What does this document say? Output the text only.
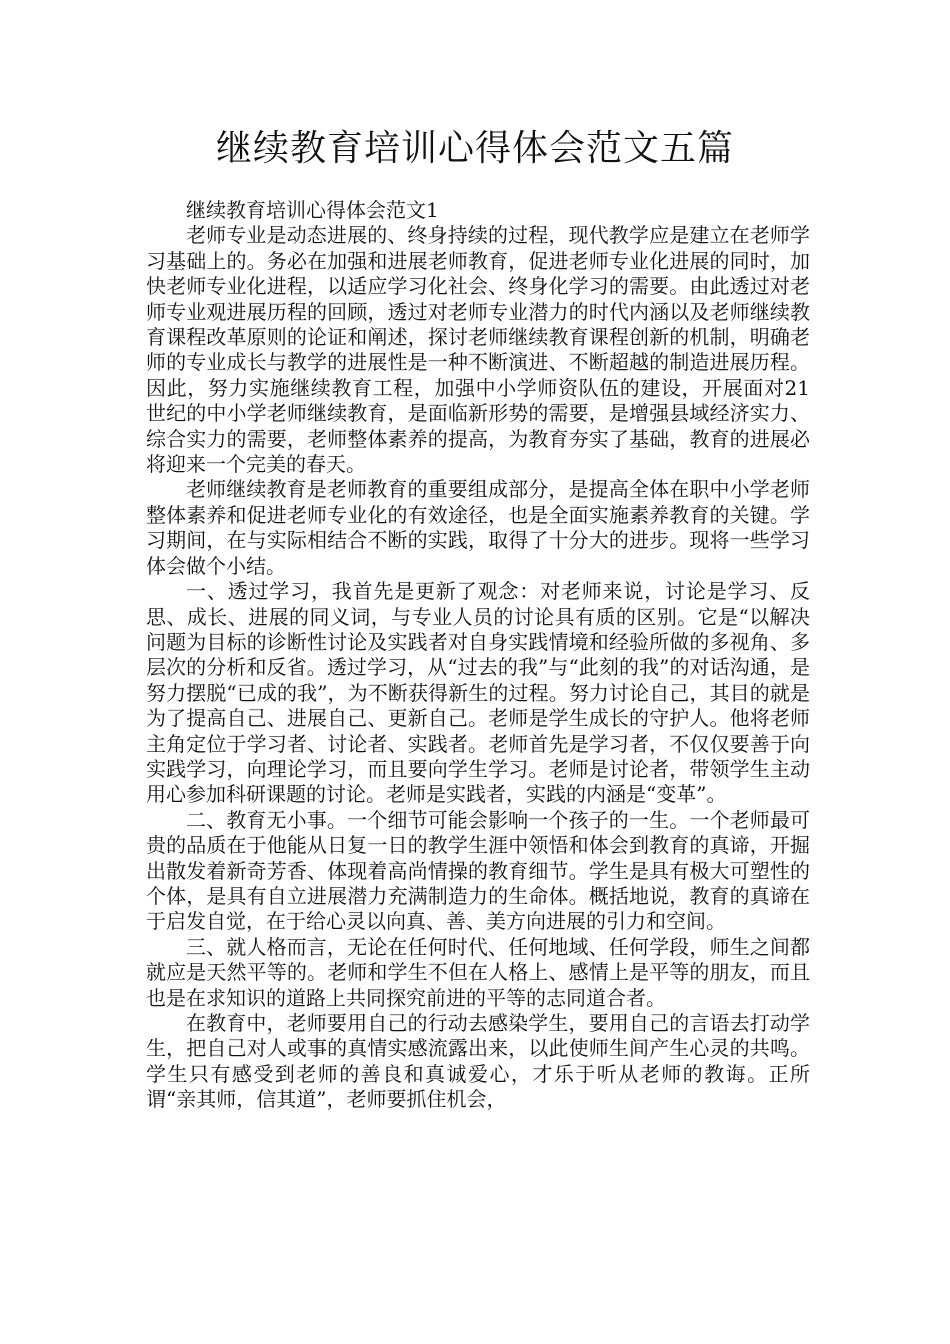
继续教育培训心得体会范文五篇

继续教育培训心得体会范文1

老师专业是动态进展的、终身持续的过程，现代教学应是建立在老师学习基础上的。务必在加强和进展老师教育，促进老师专业化进展的同时，加快老师专业化进程，以适应学习化社会、终身化学习的需要。由此透过对老师专业观进展历程的回顾，透过对老师专业潜力的时代内涵以及老师继续教育课程改革原则的论证和阐述，探讨老师继续教育课程创新的机制，明确老师的专业成长与教学的进展性是一种不断演进、不断超越的制造进展历程。因此，努力实施继续教育工程，加强中小学师资队伍的建设，开展面对21世纪的中小学老师继续教育，是面临新形势的需要，是增强县域经济实力、综合实力的需要，老师整体素养的提高，为教育夯实了基础，教育的进展必将迎来一个完美的春天。

老师继续教育是老师教育的重要组成部分，是提高全体在职中小学老师整体素养和促进老师专业化的有效途径，也是全面实施素养教育的关键。学习期间，在与实际相结合不断的实践，取得了十分大的进步。现将一些学习体会做个小结。

一、透过学习，我首先是更新了观念：对老师来说，讨论是学习、反思、成长、进展的同义词，与专业人员的讨论具有质的区别。它是“以解决问题为目标的诊断性讨论及实践者对自身实践情境和经验所做的多视角、多层次的分析和反省。透过学习，从“过去的我”与“此刻的我”的对话沟通，是努力摆脱“已成的我”，为不断获得新生的过程。努力讨论自己，其目的就是为了提高自己、进展自己、更新自己。老师是学生成长的守护人。他将老师主角定位于学习者、讨论者、实践者。老师首先是学习者，不仅仅要善于向实践学习，向理论学习，而且要向学生学习。老师是讨论者，带领学生主动用心参加科研课题的讨论。老师是实践者，实践的内涵是“变革”。

二、教育无小事。一个细节可能会影响一个孩子的一生。一个老师最可贵的品质在于他能从日复一日的教学生涯中领悟和体会到教育的真谛，开掘出散发着新奇芳香、体现着高尚情操的教育细节。学生是具有极大可塑性的个体，是具有自立进展潜力充满制造力的生命体。概括地说，教育的真谛在于启发自觉，在于给心灵以向真、善、美方向进展的引力和空间。

三、就人格而言，无论在任何时代、任何地域、任何学段，师生之间都就应是天然平等的。老师和学生不但在人格上、感情上是平等的朋友，而且也是在求知识的道路上共同探究前进的平等的志同道合者。

在教育中，老师要用自己的行动去感染学生，要用自己的言语去打动学生，把自己对人或事的真情实感流露出来，以此使师生间产生心灵的共鸣。学生只有感受到老师的善良和真诚爱心，才乐于听从老师的教诲。正所谓“亲其师，信其道”，老师要抓住机会，
